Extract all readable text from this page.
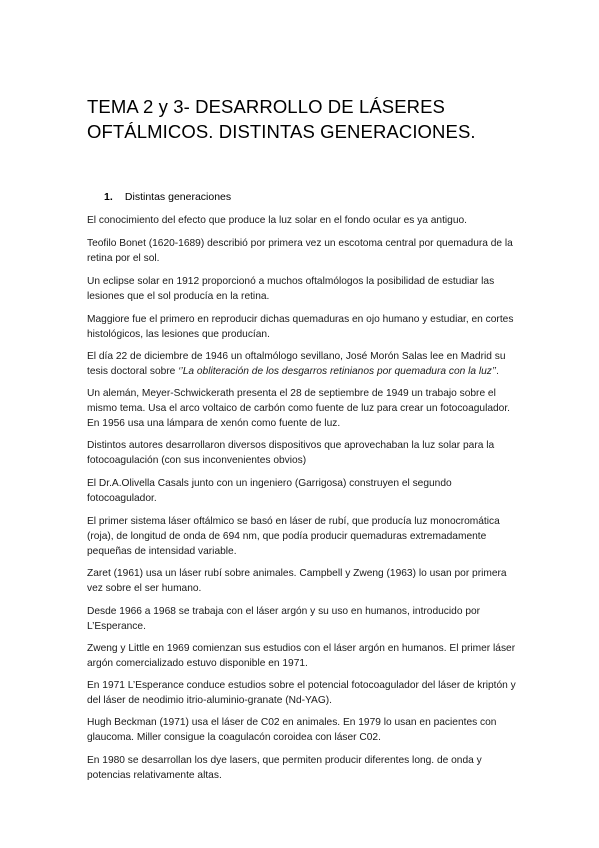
TEMA 2 y 3- DESARROLLO DE LÁSERES
OFTÁLMICOS. DISTINTAS GENERACIONES.
1. Distintas generaciones

El conocimiento del efecto que produce la luz solar en el fondo ocular es ya antiguo.

Teofilo Bonet (1620-1689) describió por primera vez un escotoma central por quemadura de la retina por el sol.

Un eclipse solar en 1912 proporcionó a muchos oftalmólogos la posibilidad de estudiar las lesiones que el sol producía en la retina.

Maggiore fue el primero en reproducir dichas quemaduras en ojo humano y estudiar, en cortes histológicos, las lesiones que producían.

El día 22 de diciembre de 1946 un oftalmólogo sevillano, José Morón Salas lee en Madrid su tesis doctoral sobre ‘’La obliteración de los desgarros retinianos por quemadura con la luz’’.

Un alemán, Meyer-Schwickerath presenta el 28 de septiembre de 1949 un trabajo sobre el mismo tema. Usa el arco voltaico de carbón como fuente de luz para crear un fotocoagulador. En 1956 usa una lámpara de xenón como fuente de luz.

Distintos autores desarrollaron diversos dispositivos que aprovechaban la luz solar para la fotocoagulación (con sus inconvenientes obvios)

El Dr.A.Olivella Casals junto con un ingeniero (Garrigosa) construyen el segundo fotocoagulador.

El primer sistema láser oftálmico se basó en láser de rubí, que producía luz monocromática (roja), de longitud de onda de 694 nm, que podía producir quemaduras extremadamente pequeñas de intensidad variable.

Zaret (1961) usa un láser rubí sobre animales. Campbell y Zweng (1963) lo usan por primera vez sobre el ser humano.

Desde 1966 a 1968 se trabaja con el láser argón y su uso en humanos, introducido por L’Esperance.

Zweng y Little en 1969 comienzan sus estudios con el láser argón en humanos. El primer láser argón comercializado estuvo disponible en 1971.

En 1971 L’Esperance conduce estudios sobre el potencial fotocoagulador del láser de kriptón y del láser de neodimio itrio-aluminio-granate (Nd-YAG).

Hugh Beckman (1971) usa el láser de C02 en animales. En 1979 lo usan en pacientes con glaucoma. Miller consigue la coagulacón coroidea con láser C02.

En 1980 se desarrollan los dye lasers, que permiten producir diferentes long. de onda y potencias relativamente altas.
